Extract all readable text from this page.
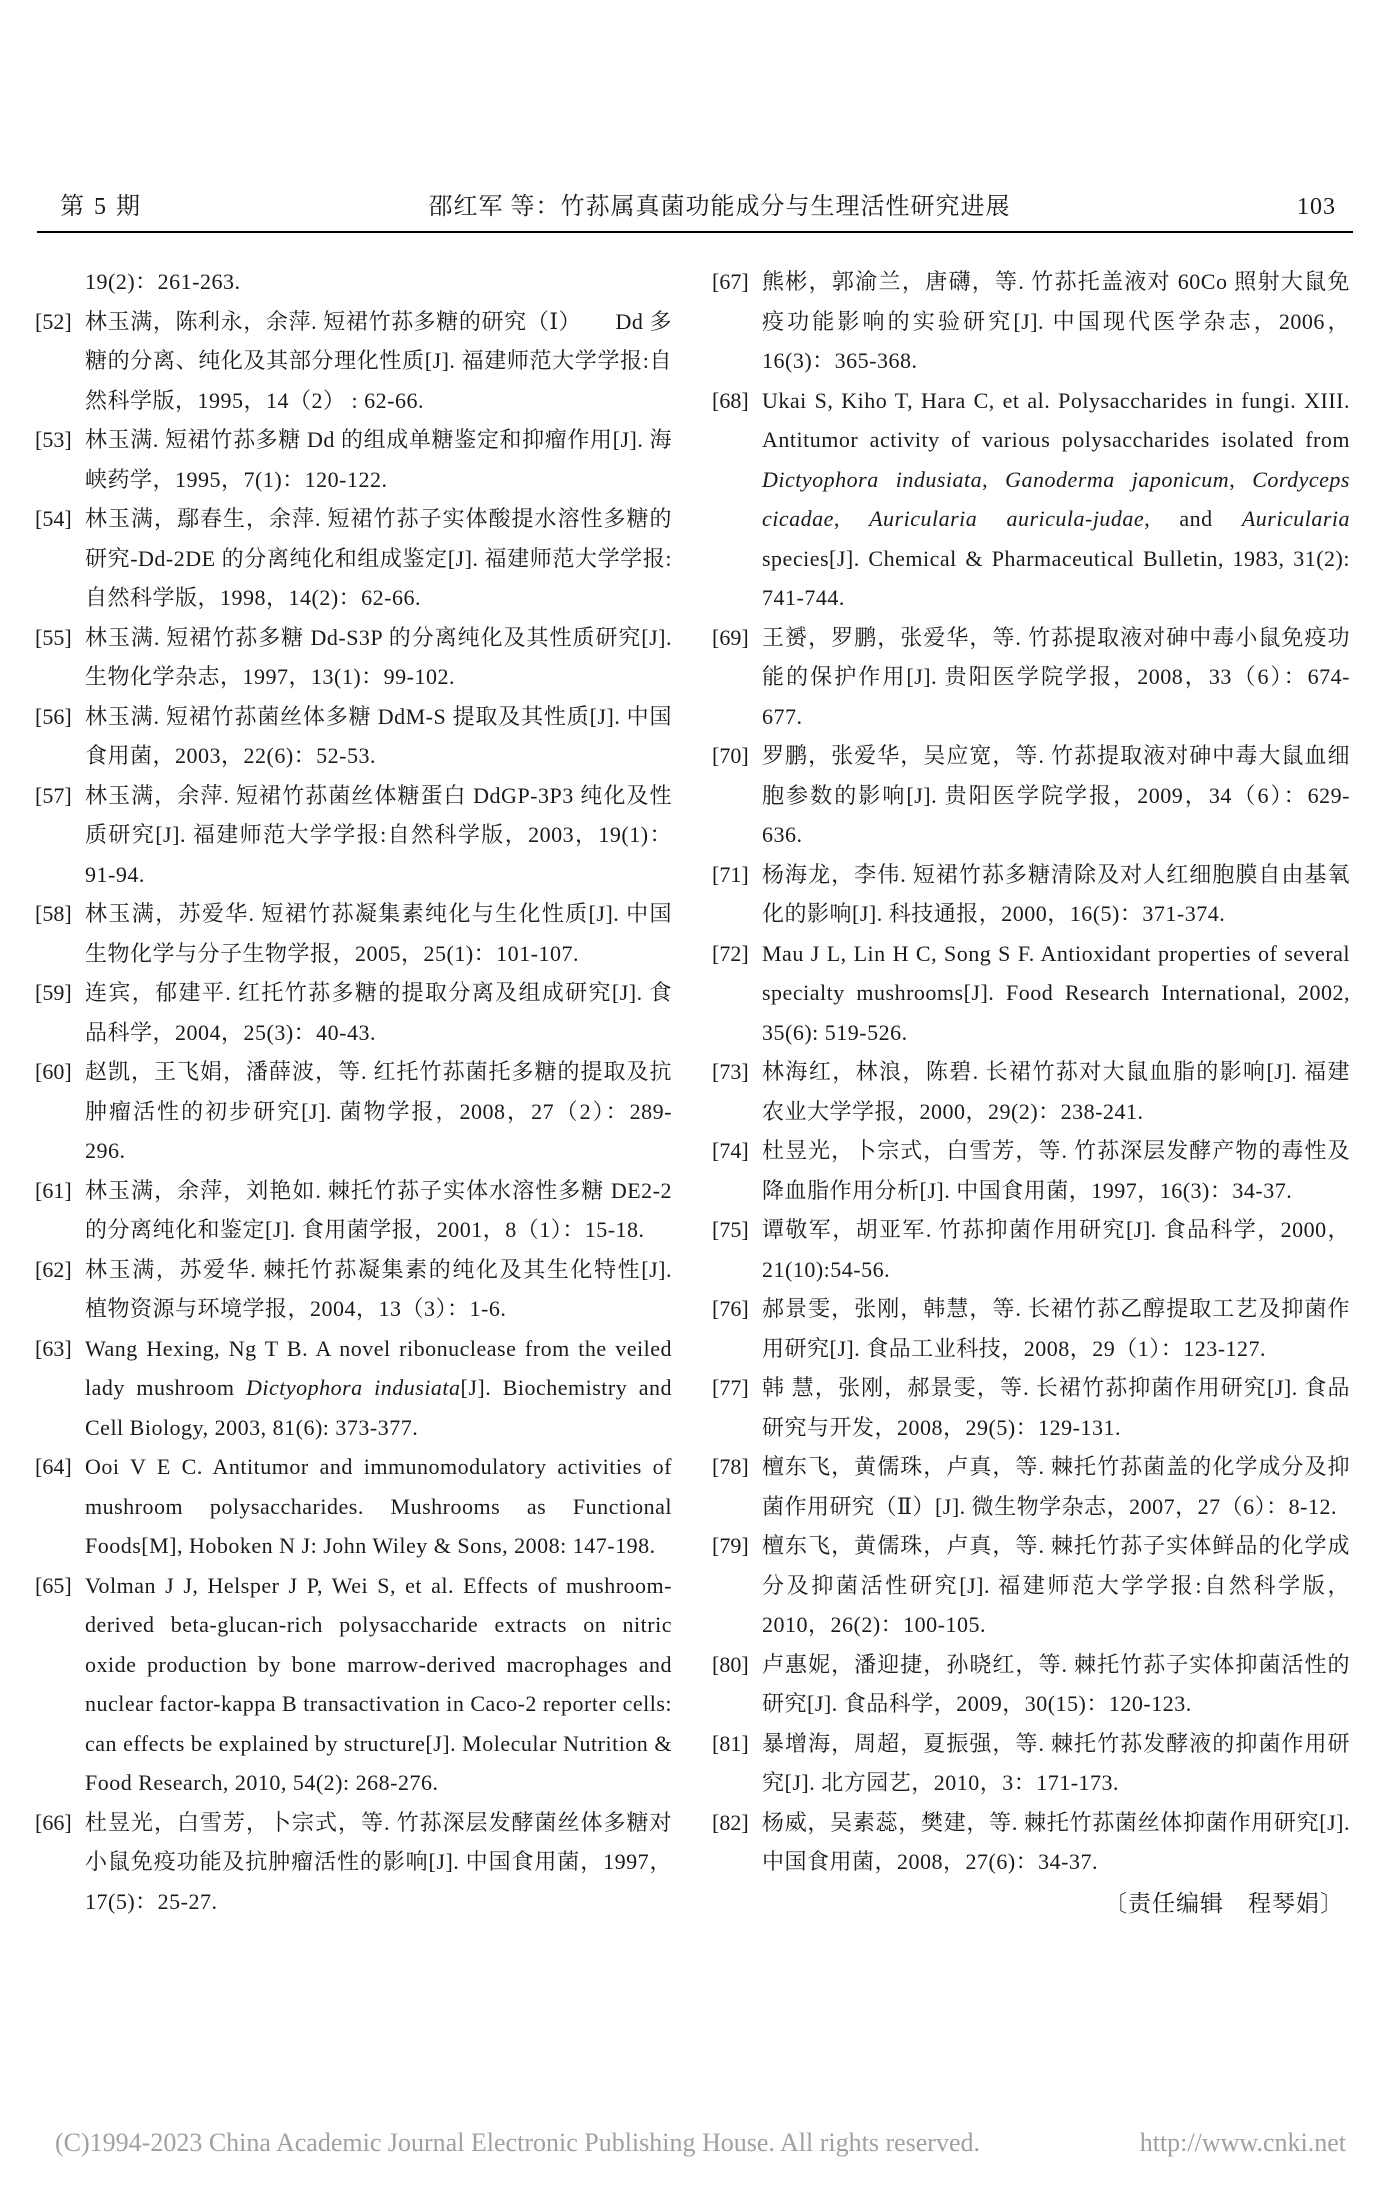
第 5 期	邵红军 等：竹荪属真菌功能成分与生理活性研究进展	103
19(2)：261-263.
[52] 林玉满，陈利永，余萍. 短裙竹荪多糖的研究（Ⅰ）　　Dd 多糖的分离、纯化及其部分理化性质[J]. 福建师范大学学报:自然科学版，1995，14（2） : 62-66.
[53] 林玉满. 短裙竹荪多糖 Dd 的组成单糖鉴定和抑瘤作用[J]. 海峡药学，1995，7(1)：120-122.
[54] 林玉满，鄢春生，余萍. 短裙竹荪子实体酸提水溶性多糖的研究-Dd-2DE 的分离纯化和组成鉴定[J]. 福建师范大学学报:自然科学版，1998，14(2)：62-66.
[55] 林玉满. 短裙竹荪多糖 Dd-S3P 的分离纯化及其性质研究[J]. 生物化学杂志，1997，13(1)：99-102.
[56] 林玉满. 短裙竹荪菌丝体多糖 DdM-S 提取及其性质[J]. 中国食用菌，2003，22(6)：52-53.
[57] 林玉满，余萍. 短裙竹荪菌丝体糖蛋白 DdGP-3P3 纯化及性质研究[J]. 福建师范大学学报:自然科学版，2003，19(1)：91-94.
[58] 林玉满，苏爱华. 短裙竹荪凝集素纯化与生化性质[J]. 中国生物化学与分子生物学报，2005，25(1)：101-107.
[59] 连宾，郁建平. 红托竹荪多糖的提取分离及组成研究[J]. 食品科学，2004，25(3)：40-43.
[60] 赵凯，王飞娟，潘薛波，等. 红托竹荪菌托多糖的提取及抗肿瘤活性的初步研究[J]. 菌物学报，2008，27（2）：289-296.
[61] 林玉满，余萍，刘艳如. 棘托竹荪子实体水溶性多糖 DE2-2 的分离纯化和鉴定[J]. 食用菌学报，2001，8（1）：15-18.
[62] 林玉满，苏爱华. 棘托竹荪凝集素的纯化及其生化特性[J]. 植物资源与环境学报，2004，13（3）：1-6.
[63] Wang Hexing, Ng T B. A novel ribonuclease from the veiled lady mushroom Dictyophora indusiata[J]. Biochemistry and Cell Biology, 2003, 81(6): 373-377.
[64] Ooi V E C. Antitumor and immunomodulatory activities of mushroom polysaccharides. Mushrooms as Functional Foods[M], Hoboken N J: John Wiley & Sons, 2008: 147-198.
[65] Volman J J, Helsper J P, Wei S, et al. Effects of mushroom-derived beta-glucan-rich polysaccharide extracts on nitric oxide production by bone marrow-derived macrophages and nuclear factor-kappa B transactivation in Caco-2 reporter cells: can effects be explained by structure[J]. Molecular Nutrition & Food Research, 2010, 54(2): 268-276.
[66] 杜昱光，白雪芳，卜宗式，等. 竹荪深层发酵菌丝体多糖对小鼠免疫功能及抗肿瘤活性的影响[J]. 中国食用菌，1997，17(5)：25-27.
[67] 熊彬，郭渝兰，唐礴，等. 竹荪托盖液对 60Co 照射大鼠免疫功能影响的实验研究[J]. 中国现代医学杂志，2006，16(3)：365-368.
[68] Ukai S, Kiho T, Hara C, et al. Polysaccharides in fungi. XIII. Antitumor activity of various polysaccharides isolated from Dictyophora indusiata, Ganoderma japonicum, Cordyceps cicadae, Auricularia auricula-judae, and Auricularia species[J]. Chemical & Pharmaceutical Bulletin, 1983, 31(2): 741-744.
[69] 王赟，罗鹏，张爱华，等. 竹荪提取液对砷中毒小鼠免疫功能的保护作用[J]. 贵阳医学院学报，2008，33（6）：674-677.
[70] 罗鹏，张爱华，吴应宽，等. 竹荪提取液对砷中毒大鼠血细胞参数的影响[J]. 贵阳医学院学报，2009，34（6）：629-636.
[71] 杨海龙，李伟. 短裙竹荪多糖清除及对人红细胞膜自由基氧化的影响[J]. 科技通报，2000，16(5)：371-374.
[72] Mau J L, Lin H C, Song S F. Antioxidant properties of several specialty mushrooms[J]. Food Research International, 2002, 35(6): 519-526.
[73] 林海红，林浪，陈碧. 长裙竹荪对大鼠血脂的影响[J]. 福建农业大学学报，2000，29(2)：238-241.
[74] 杜昱光，卜宗式，白雪芳，等. 竹荪深层发酵产物的毒性及降血脂作用分析[J]. 中国食用菌，1997，16(3)：34-37.
[75] 谭敬军，胡亚军. 竹荪抑菌作用研究[J]. 食品科学，2000，21(10):54-56.
[76] 郝景雯，张刚，韩慧，等. 长裙竹荪乙醇提取工艺及抑菌作用研究[J]. 食品工业科技，2008，29（1）：123-127.
[77] 韩 慧，张刚，郝景雯，等. 长裙竹荪抑菌作用研究[J]. 食品研究与开发，2008，29(5)：129-131.
[78] 檀东飞，黄儒珠，卢真，等. 棘托竹荪菌盖的化学成分及抑菌作用研究（Ⅱ）[J]. 微生物学杂志，2007，27（6）：8-12.
[79] 檀东飞，黄儒珠，卢真，等. 棘托竹荪子实体鲜品的化学成分及抑菌活性研究[J]. 福建师范大学学报:自然科学版，2010，26(2)：100-105.
[80] 卢惠妮，潘迎捷，孙晓红，等. 棘托竹荪子实体抑菌活性的研究[J]. 食品科学，2009，30(15)：120-123.
[81] 暴增海，周超，夏振强，等. 棘托竹荪发酵液的抑菌作用研究[J]. 北方园艺，2010，3：171-173.
[82] 杨威，吴素蕊，樊建，等. 棘托竹荪菌丝体抑菌作用研究[J]. 中国食用菌，2008，27(6)：34-37.
〔责任编辑　程琴娟〕
(C)1994-2023 China Academic Journal Electronic Publishing House. All rights reserved.	http://www.cnki.net
